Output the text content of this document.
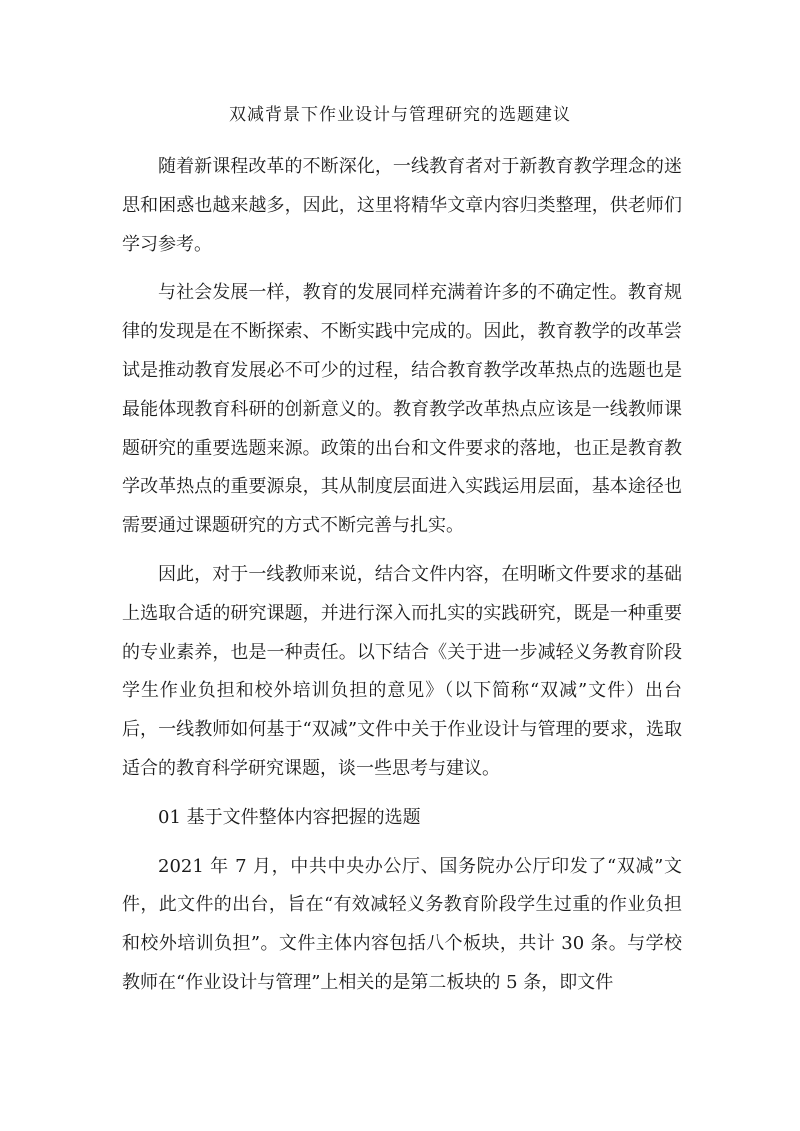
双减背景下作业设计与管理研究的选题建议

随着新课程改革的不断深化，一线教育者对于新教育教学理念的迷思和困惑也越来越多，因此，这里将精华文章内容归类整理，供老师们学习参考。

与社会发展一样，教育的发展同样充满着许多的不确定性。教育规律的发现是在不断探索、不断实践中完成的。因此，教育教学的改革尝试是推动教育发展必不可少的过程，结合教育教学改革热点的选题也是最能体现教育科研的创新意义的。教育教学改革热点应该是一线教师课题研究的重要选题来源。政策的出台和文件要求的落地，也正是教育教学改革热点的重要源泉，其从制度层面进入实践运用层面，基本途径也需要通过课题研究的方式不断完善与扎实。

因此，对于一线教师来说，结合文件内容，在明晰文件要求的基础上选取合适的研究课题，并进行深入而扎实的实践研究，既是一种重要的专业素养，也是一种责任。以下结合《关于进一步减轻义务教育阶段学生作业负担和校外培训负担的意见》（以下简称“双减”文件）出台后，一线教师如何基于“双减”文件中关于作业设计与管理的要求，选取适合的教育科学研究课题，谈一些思考与建议。

01 基于文件整体内容把握的选题

2021 年 7 月，中共中央办公厅、国务院办公厅印发了“双减”文件，此文件的出台，旨在“有效减轻义务教育阶段学生过重的作业负担和校外培训负担”。文件主体内容包括八个板块，共计 30 条。与学校教师在“作业设计与管理”上相关的是第二板块的 5 条，即文件
